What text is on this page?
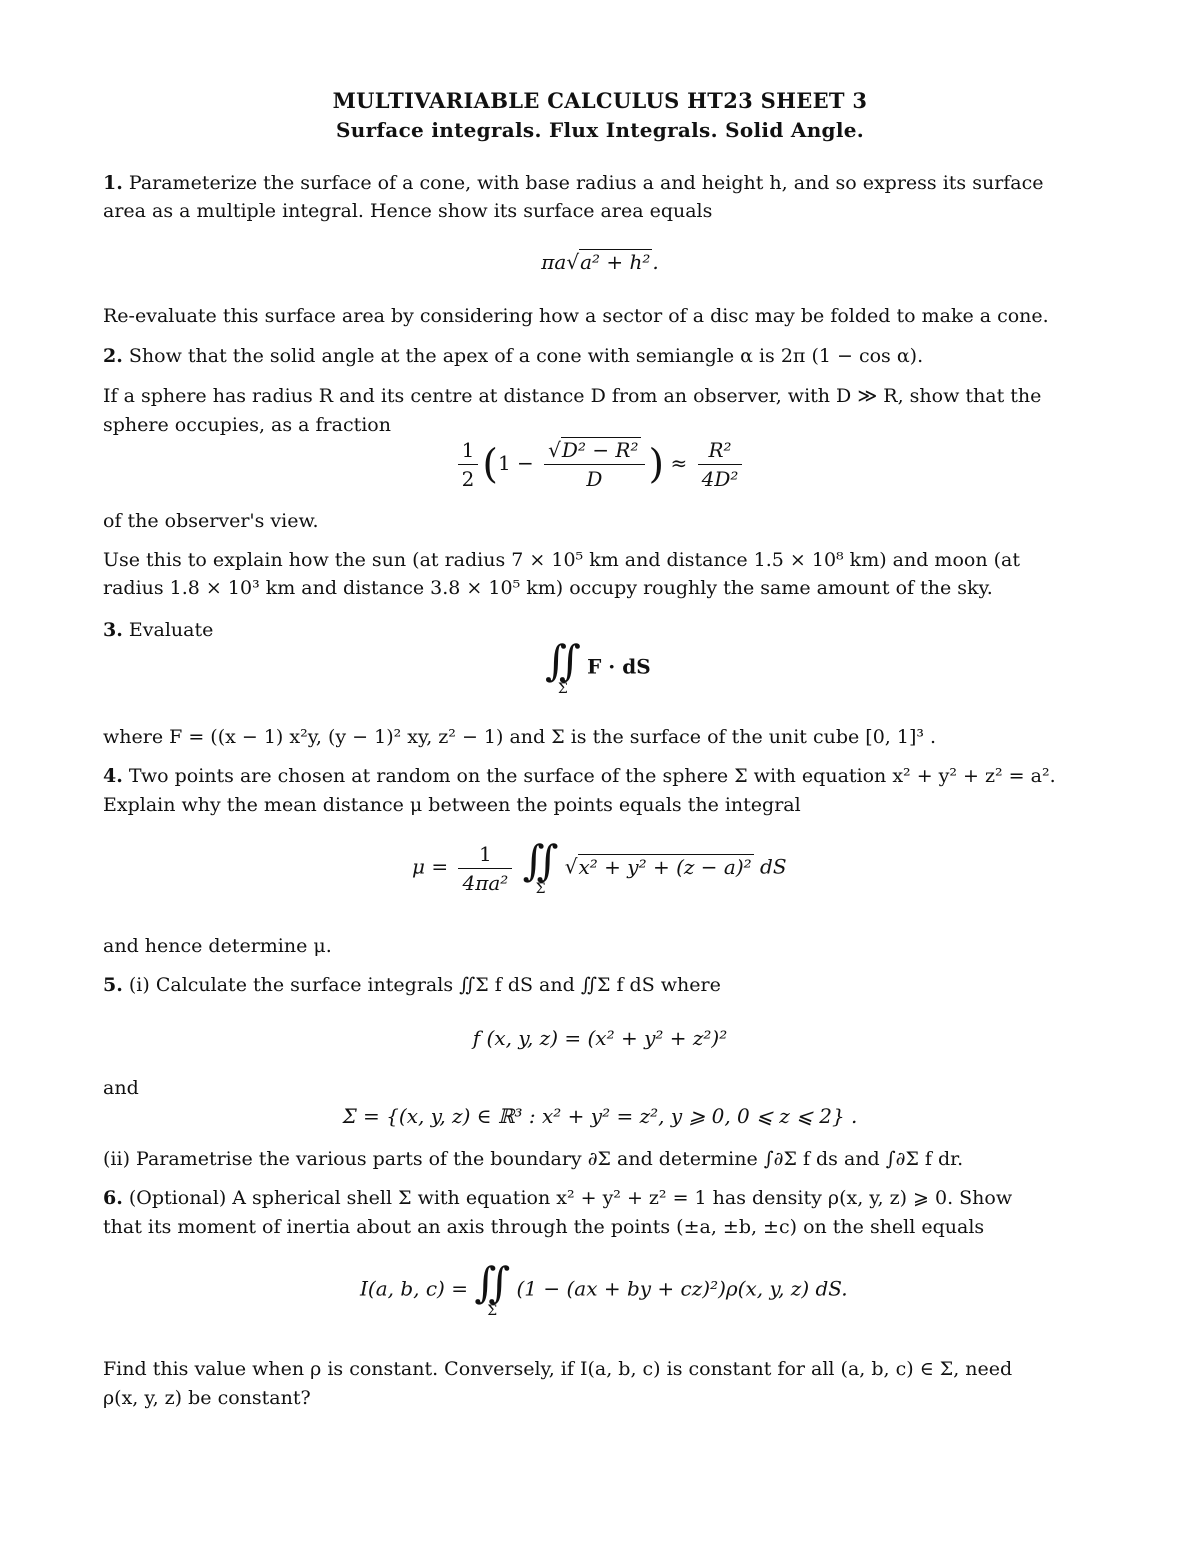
MULTIVARIABLE CALCULUS HT23 SHEET 3
Surface integrals. Flux Integrals. Solid Angle.
1. Parameterize the surface of a cone, with base radius a and height h, and so express its surface
area as a multiple integral. Hence show its surface area equals
πa√a² + h² .
Re-evaluate this surface area by considering how a sector of a disc may be folded to make a cone.
2. Show that the solid angle at the apex of a cone with semiangle α is 2π (1 − cos α).
If a sphere has radius R and its centre at distance D from an observer, with D ≫ R, show that the
sphere occupies, as a fraction
$\frac{1}{2} (1 - \frac{\text{√D² − R²}}{D}$ ) ≈ $\frac{\text{R²}}{\text{4D²}}$
of the observer's view.
Use this to explain how the sun (at radius 7 × 10⁵ km and distance 1.5 × 10⁸ km) and moon (at
radius 1.8 × 10³ km and distance 3.8 × 10⁵ km) occupy roughly the same amount of the sky.
3. Evaluate
∬
Σ
F · dS
where F = ((x − 1) x²y, (y − 1)² xy, z² − 1) and Σ is the surface of the unit cube [0, 1]³ .
4. Two points are chosen at random on the surface of the sphere Σ with equation x² + y² + z² = a².
Explain why the mean distance μ between the points equals the integral
$\mu = \frac{1}{\text{4πa²}}$
∬
Σ
√x² + y² + (z − a)² dS
and hence determine μ.
5. (i) Calculate the surface integrals ∬Σ f dS and ∬Σ f dS where
f (x, y, z) = (x² + y² + z²)²
and
Σ = {(x, y, z) ∈ ℝ³ : x² + y² = z², y ⩾ 0, 0 ⩽ z ⩽ 2} .
(ii) Parametrise the various parts of the boundary ∂Σ and determine ∫∂Σ f ds and ∫∂Σ f dr.
6. (Optional) A spherical shell Σ with equation x² + y² + z² = 1 has density ρ(x, y, z) ⩾ 0. Show
that its moment of inertia about an axis through the points (±a, ±b, ±c) on the shell equals
I(a, b, c) = ∬
Σ
(1 − (ax + by + cz)²)ρ(x, y, z) dS.
Find this value when ρ is constant. Conversely, if I(a, b, c) is constant for all (a, b, c) ∈ Σ, need
ρ(x, y, z) be constant?
